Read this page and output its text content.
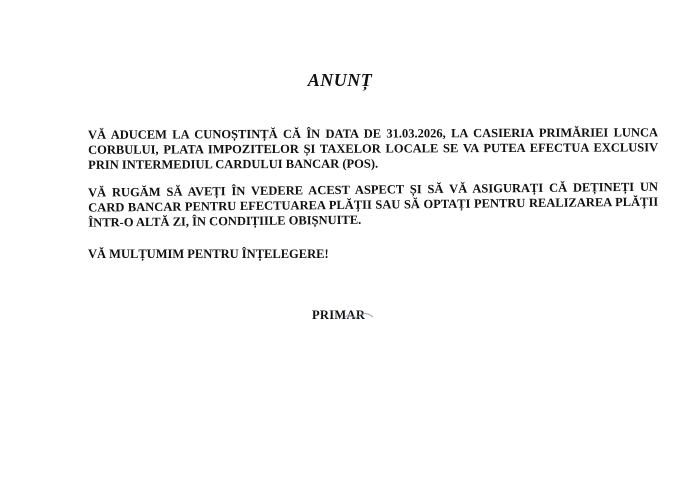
ANUNȚ

VĂ ADUCEM LA CUNOȘTINȚĂ CĂ ÎN DATA DE 31.03.2026, LA CASIERIA PRIMĂRIEI LUNCA CORBULUI, PLATA IMPOZITELOR ȘI TAXELOR LOCALE SE VA PUTEA EFECTUA EXCLUSIV PRIN INTERMEDIUL CARDULUI BANCAR (POS).

VĂ RUGĂM SĂ AVEȚI ÎN VEDERE ACEST ASPECT ȘI SĂ VĂ ASIGURAȚI CĂ DEȚINEȚI UN CARD BANCAR PENTRU EFECTUAREA PLĂȚII SAU SĂ OPTAȚI PENTRU REALIZAREA PLĂȚII ÎNTR-O ALTĂ ZI, ÎN CONDIȚIILE OBIȘNUITE.

VĂ MULȚUMIM PENTRU ÎNȚELEGERE!

PRIMAR
